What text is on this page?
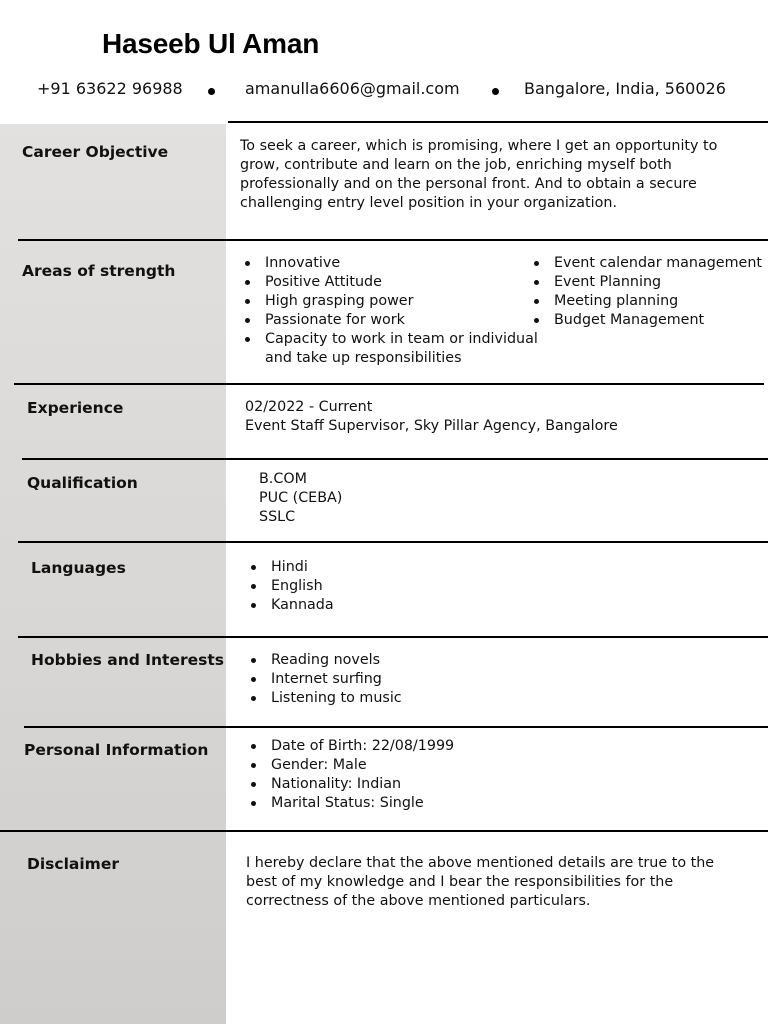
Haseeb Ul Aman
+91 63622 96988	amanulla6606@gmail.com	Bangalore, India, 560026
Career Objective	To seek a career, which is promising, where I get an opportunity to grow, contribute and learn on the job, enriching myself both professionally and on the personal front. And to obtain a secure challenging entry level position in your organization.

Areas of strength	Innovative
Positive Attitude
High grasping power
Passionate for work
Capacity to work in team or individual and take up responsibilities
Event calendar management
Event Planning
Meeting planning
Budget Management
Experience	02/2022 - Current
Event Staff Supervisor, Sky Pillar Agency, Bangalore
Qualification	B.COM
PUC (CEBA)
SSLC
Languages	Hindi
English
Kannada
Hobbies and Interests	Reading novels
Internet surfing
Listening to music
Personal Information	Date of Birth: 22/08/1999
Gender: Male
Nationality: Indian
Marital Status: Single
Disclaimer	I hereby declare that the above mentioned details are true to the best of my knowledge and I bear the responsibilities for the correctness of the above mentioned particulars.
